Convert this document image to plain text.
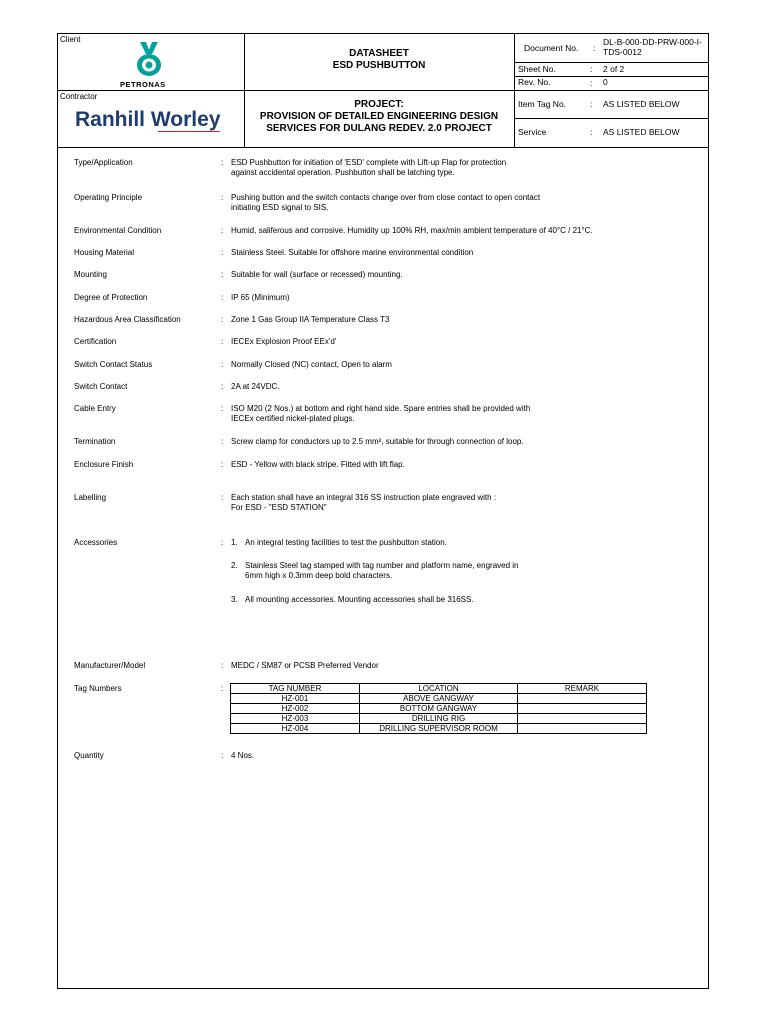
Client
PETRONAS
Contractor
Ranhill Worley
DATASHEET
ESD PUSHBUTTON
PROJECT:
PROVISION OF DETAILED ENGINEERING DESIGN
SERVICES FOR DULANG REDEV. 2.0 PROJECT
Document No. :
DL-B-000-DD-PRW-000-I-
TDS-0012
Sheet No.	: 2 of 2
Rev. No.	: 0
Item Tag No.	: AS LISTED BELOW
Service	: AS LISTED BELOW
Type/Application	: ESD Pushbutton for initiation of 'ESD' complete with Lift-up Flap for protection
against accidental operation. Pushbutton shall be latching type.
Operating Principle	: Pushing button and the switch contacts change over from close contact to open contact
initiating ESD signal to SIS.
Environmental Condition	: Humid, saliferous and corrosive. Humidity up 100% RH, max/min ambient temperature of 40°C / 21°C.
Housing Material	: Stainless Steel. Suitable for offshore marine environmental condition
Mounting	: Suitable for wall (surface or recessed) mounting.
Degree of Protection	: IP 65 (Minimum)
Hazardous Area Classification	: Zone 1 Gas Group IIA Temperature Class T3
Certification	: IECEx Explosion Proof EEx'd'
Switch Contact Status	: Normally Closed (NC) contact, Open to alarm
Switch Contact	: 2A at 24VDC.
Cable Entry	: ISO M20 (2 Nos.) at bottom and right hand side. Spare entries shall be provided with
IECEx certified nickel-plated plugs.
Termination	: Screw clamp for conductors up to 2.5 mm², suitable for through connection of loop.
Enclosure Finish	: ESD - Yellow with black stripe. Fitted with lift flap.
Labelling	: Each station shall have an integral 316 SS instruction plate engraved with :
For ESD - "ESD STATION"
Accessories	: 1. An integral testing facilities to test the pushbutton station.
2. Stainless Steel tag stamped with tag number and platform name, engraved in
6mm high x 0.3mm deep bold characters.
3. All mounting accessories. Mounting accessories shall be 316SS.
Manufacturer/Model	: MEDC / SM87 or PCSB Preferred Vendor
Tag Numbers	:	TAG NUMBER	LOCATION	REMARK
HZ-001	ABOVE GANGWAY	
HZ-002	BOTTOM GANGWAY	
HZ-003	DRILLING RIG	
HZ-004	DRILLING SUPERVISOR ROOM	
Quantity	: 4 Nos.
